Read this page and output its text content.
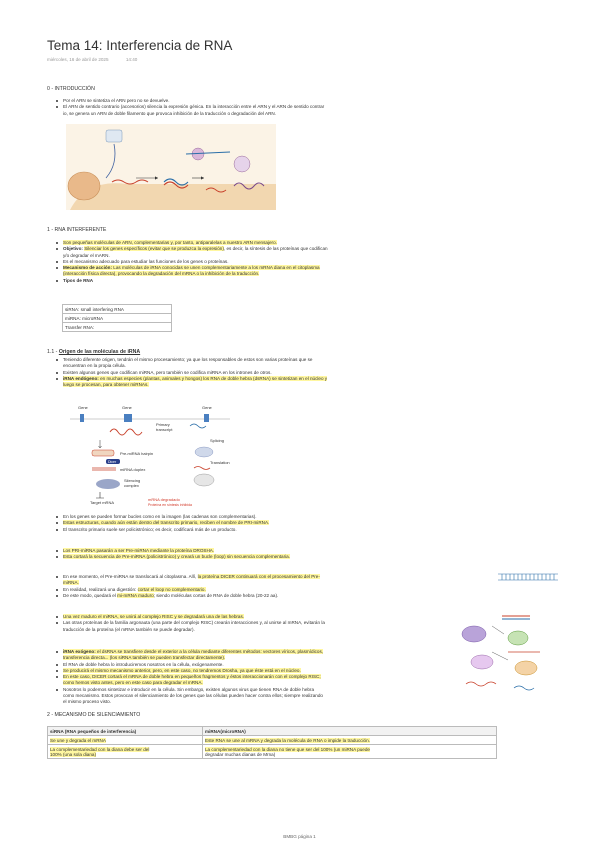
Tema 14: Interferencia de RNA
miércoles, 16 de abril de 2025	14:40
0 - INTRODUCCIÓN
Por el ARN se sintetiza el ARN pero no se devuelve.
El ARN de sentido contrario (accesorios) silencia la expresión génica. En la interacción entre el ARN y el ARN de sentido contrar
io, se genera un ARN de doble filamento que provoca inhibición de la traducción o degradación del ARN.
1 - RNA INTERFERENTE
Son pequeñas moléculas de ARN, complementarias y, por tanto, antiparalelas a nuestro ARN mensajero.
Objetivo: Silenciar los genes específicos (evitar que se produzca la expresión), es decir, la síntesis de las proteínas que codifican
y/o degradar el mARN.
Es el mecanismo adecuado para estudiar las funciones de los genes o proteínas.
Mecanismo de acción: Las moléculas de iRNA conocidas se unen complementariamente a los mRNA diana en el citoplasma
(interacción física directa), provocando la degradación del mRNA o la inhibición de la traducción.
Tipos de RNA
siRNA: small interfering RNA
miRNA: microRNA
Transfer RNA:
1.1 - Origen de las moléculas de iRNA
Teniendo diferente origen, tendrán el mismo procesamiento; ya que los responsables de estos son varias proteínas que se
encuentran en la propia célula.
Existen algunos genes que codifican miRNA, pero también se codifica miRNA en los intrones de otros.
iRNA endógeno: en muchas especies (plantas, animales y hongos) los RNA de doble hebra (dsRNA) se sintetizan en el núcleo y
luego se procesan, para obtener miRNAs.
Gene	Gene	Gene
Primary
transcript
Pre-miRNA hairpin
Dicer
miRNA duplex
Silencing
complex
Target mRNA
mRNA degradado
Proteína en síntesis inhibida
Splicing
Translation
En los genes se pueden formar bucles como en la imagen (las cadenas son complementarias).
Estas estructuras, cuando aún están dentro del transcrito primario, reciben el nombre de PRI-miRNA.
El transcrito primario suele ser policistrónico; es decir, codificará más de un producto.
Los PRI-miRNA pasarán a ser Pre-miRNA mediante la proteína DROSHA.
Esta cortará la secuencia de Pre-miRNA (policistrónico) y creará un bucle (loop) sin secuencia complementaria.
En ese momento, el Pre-miRNA se translocará al citoplasma. Allí, la proteína DICER continuará con el procesamiento del Pre-
miRNA.
En realidad, realizará una digestión: cortar el loop no complementario.
De este modo, quedará el mi-mRNA maduro; siendo moléculas cortas de RNA de doble hebra (20-22 aa).
Una vez maduro el miRNA, se unirá al complejo RISC y se degradará una de las hebras.
Las otras proteínas de la familia argonauta (una parte del complejo RISC) crearán interacciones y, al unirse al mRNA, evitarán la
traducción de la proteína (el mRNA también se puede degradar).
iRNA exógeno: el dsRNA se transfiere desde el exterior a la célula mediante diferentes métodos: vectores víricos, plasmídicos,
transferencia directa... (los siRNA también se pueden transfectar directamente).
El RNA de doble hebra lo introduciremos nosotros en la célula, exógenamente.
Se producirá el mismo mecanismo anterior, pero, en este caso, no tendremos Drosha, ya que éste está en el núcleo.
En este caso, DICER cortará el mRNA de doble hebra en pequeños fragmentos y éstos interaccionarán con el complejo RISC;
como hemos visto antes, pero en este caso para degradar el mRNA.
Nosotros lo podemos sintetizar e introducir en la célula. Sin embargo, existen algunos virus que tienen RNA de doble hebra
como mecanismo. Estos provocan el silenciamiento de los genes que las células pueden hacer contra ellos; siempre realizando
el mismo proceso visto.
2 - MECANISMO DE SILENCIAMIENTO
siRNA (RNA pequeños de interferencia)	miRNA(microRNA)
Se une y degrada el mRNA	Este RNA se une al mRNA y degrada la molécula de RNA o impide la traducción.
La complementariedad con la diana debe ser del
100% (una sola diana)	La complementariedad con la diana no tiene que ser del 100% (un miRNA puede
degradar muchas dianas de Mrna)
BMBG página 1
